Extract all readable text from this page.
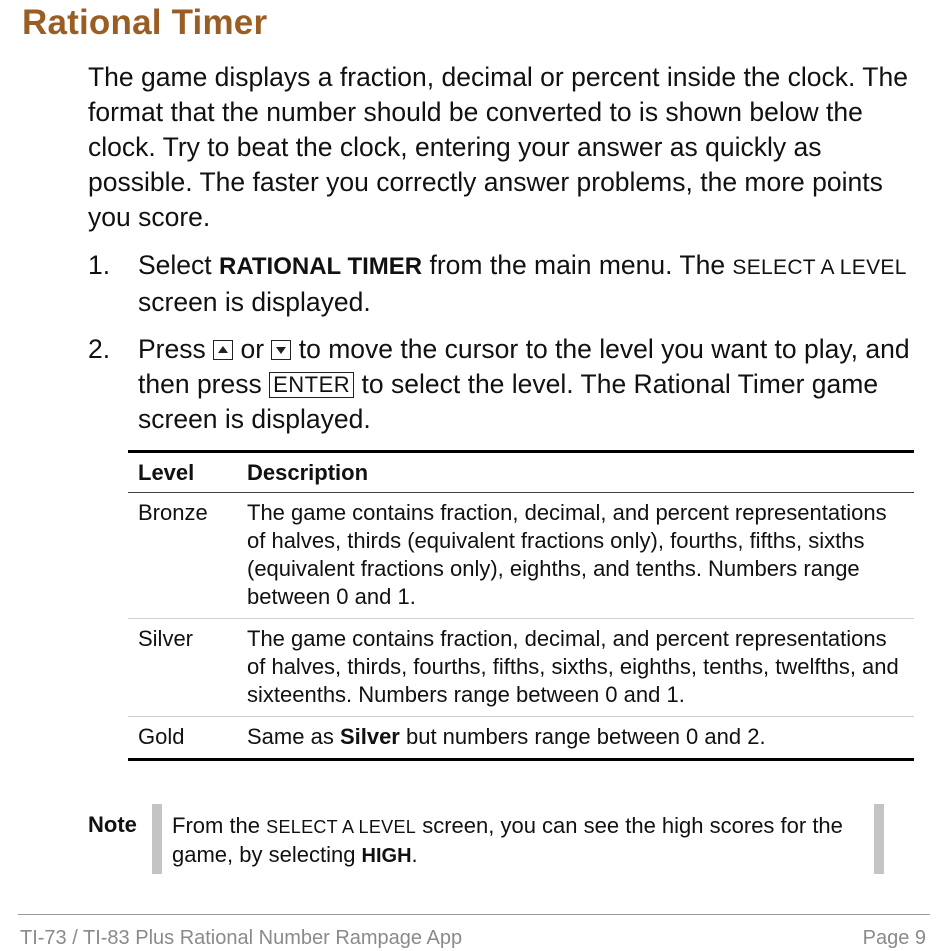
Rational Timer

The game displays a fraction, decimal or percent inside the clock. The format that the number should be converted to is shown below the clock. Try to beat the clock, entering your answer as quickly as possible. The faster you correctly answer problems, the more points you score.

1. Select RATIONAL TIMER from the main menu. The SELECT A LEVEL screen is displayed.
2. Press
or
to move the cursor to the level you want to play, and then press ENTER to select the level. The Rational Timer game screen is displayed.
Level	Description
Bronze	The game contains fraction, decimal, and percent representations of halves, thirds (equivalent fractions only), fourths, fifths, sixths (equivalent fractions only), eighths, and tenths. Numbers range between 0 and 1.
Silver	The game contains fraction, decimal, and percent representations of halves, thirds, fourths, fifths, sixths, eighths, tenths, twelfths, and sixteenths. Numbers range between 0 and 1.
Gold	Same as Silver but numbers range between 0 and 2.
Note From the SELECT A LEVEL screen, you can see the high scores for the game, by selecting HIGH.
TI-73 / TI-83 Plus Rational Number Rampage App	Page 9
